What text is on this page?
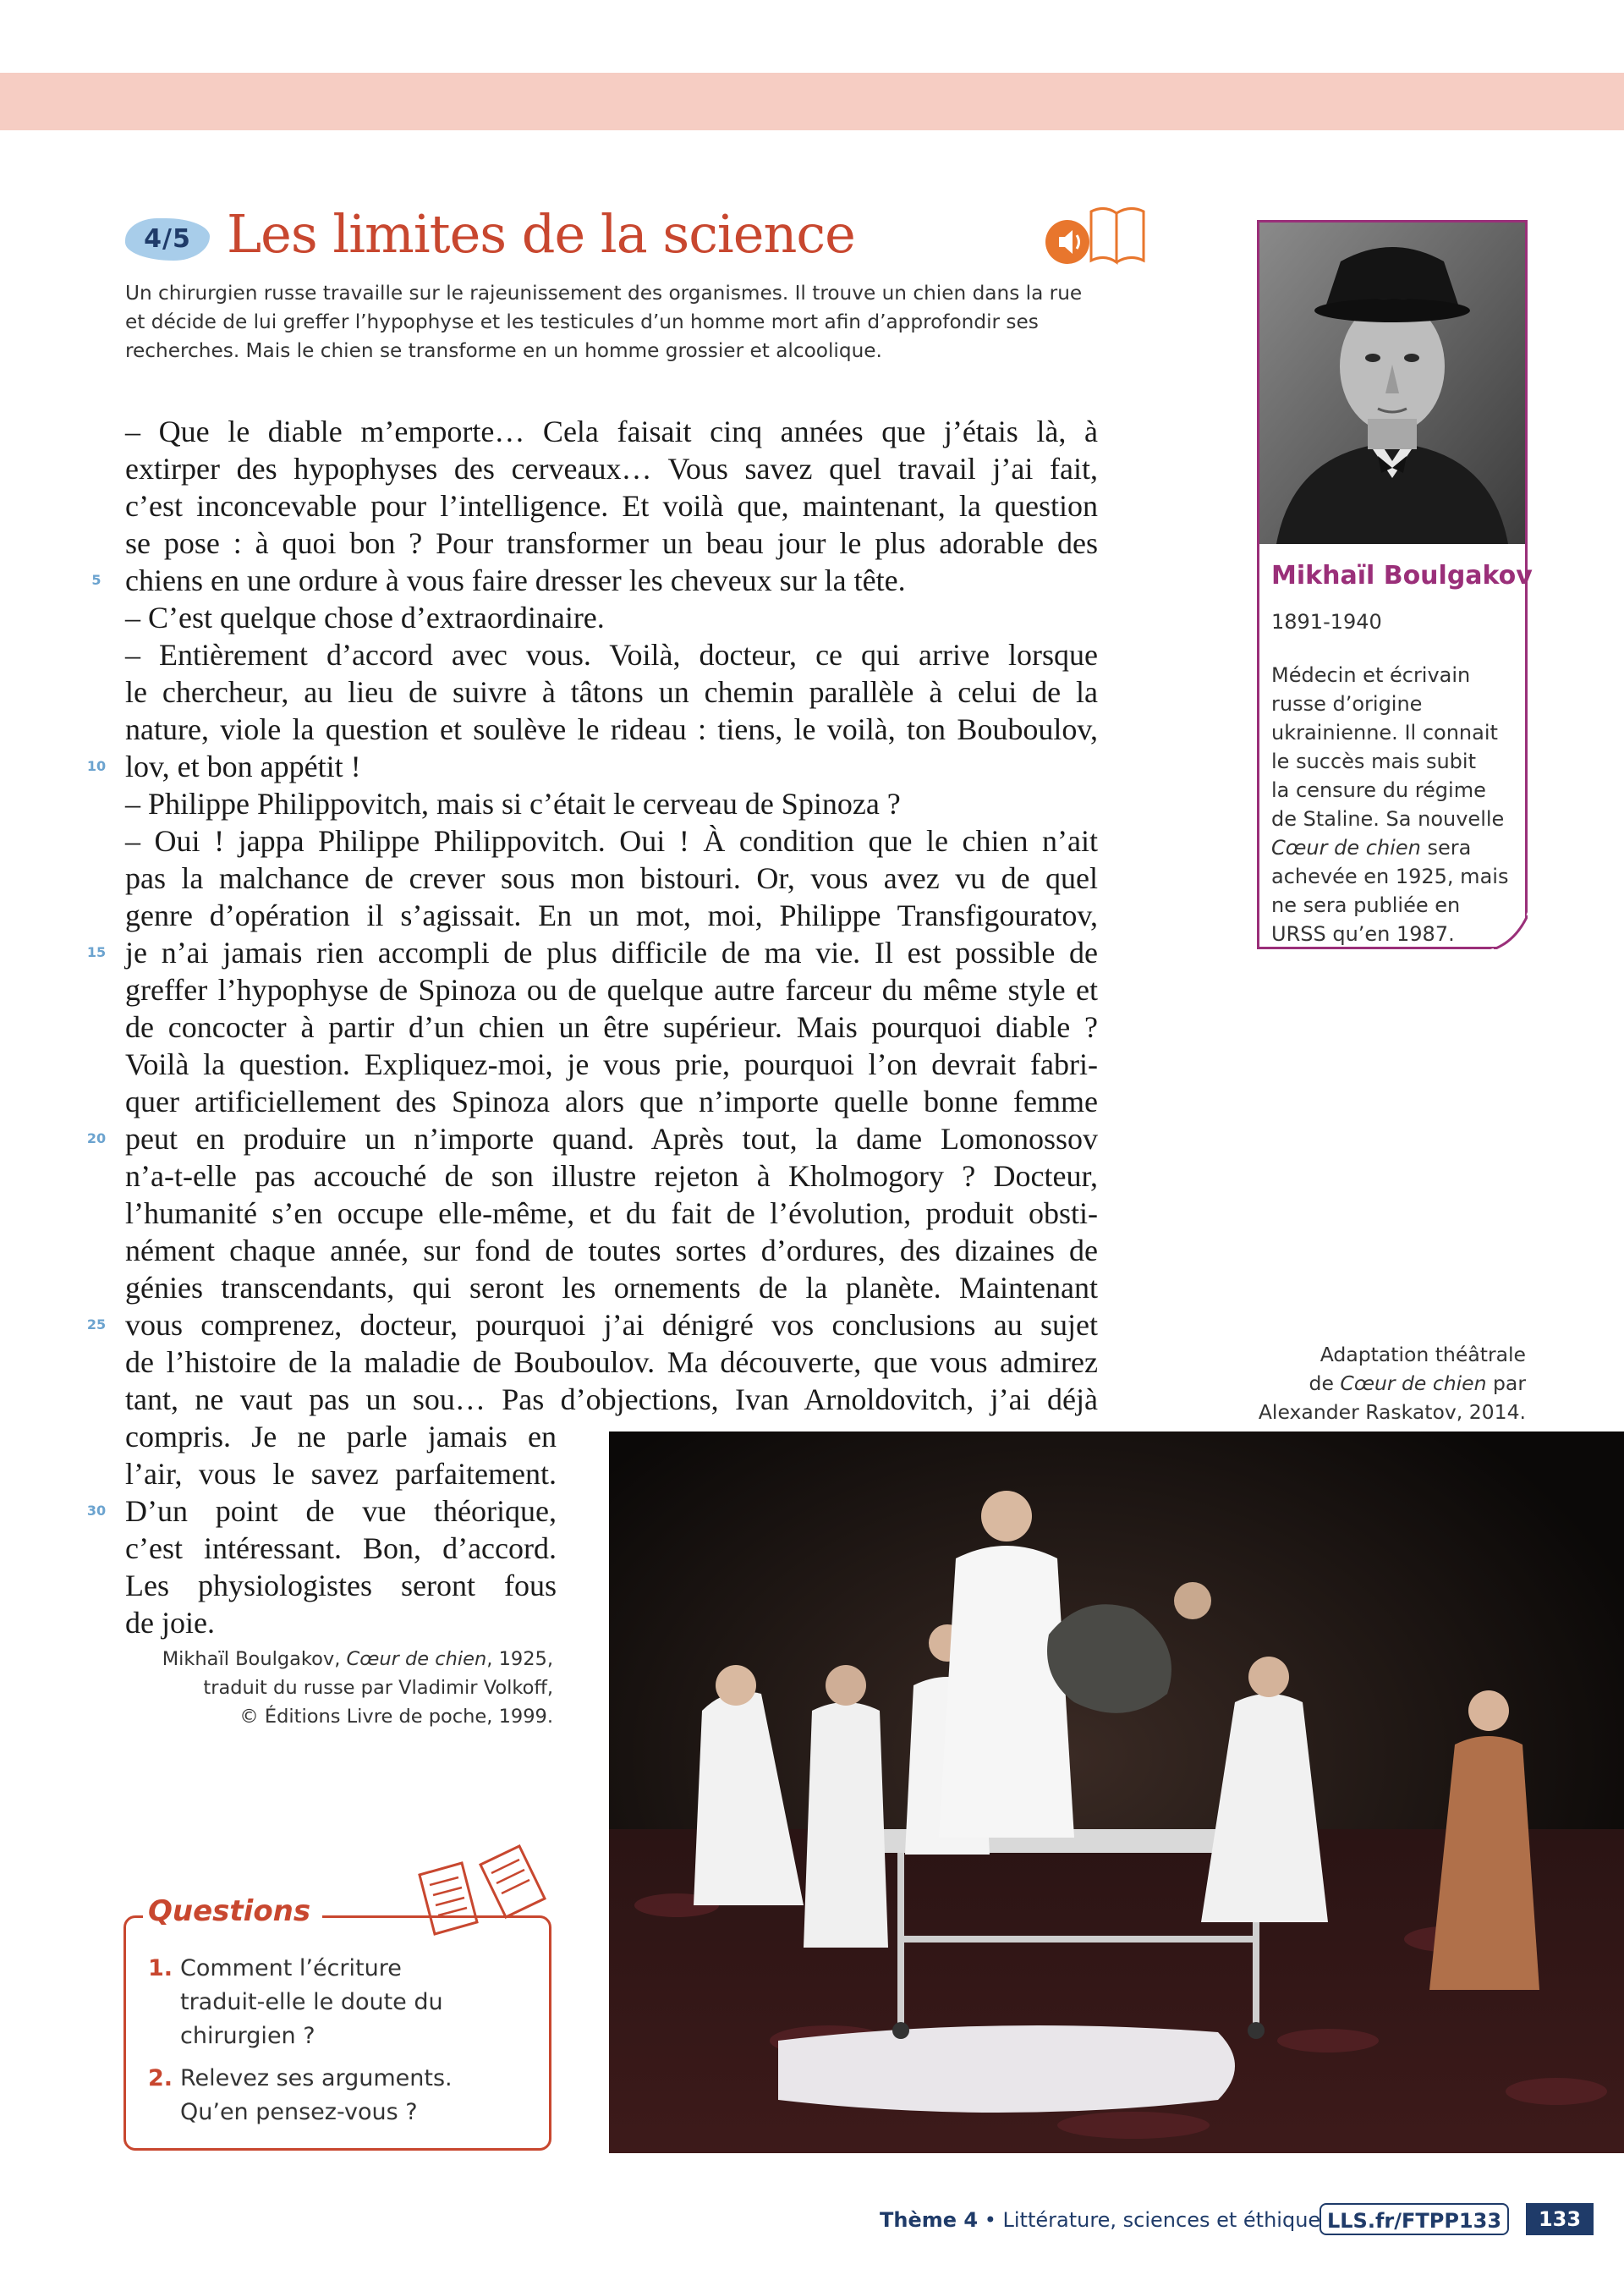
4/5 Les limites de la science

Un chirurgien russe travaille sur le rajeunissement des organismes. Il trouve un chien dans la rue et décide de lui greffer l’hypophyse et les testicules d’un homme mort afin d’approfondir ses recherches. Mais le chien se transforme en un homme grossier et alcoolique.

– Que le diable m’emporte… Cela faisait cinq années que j’étais là, à
extirper des hypophyses des cerveaux… Vous savez quel travail j’ai fait,
c’est inconcevable pour l’intelligence. Et voilà que, maintenant, la question
se pose : à quoi bon ? Pour transformer un beau jour le plus adorable des
chiens en une ordure à vous faire dresser les cheveux sur la tête.
– C’est quelque chose d’extraordinaire.
– Entièrement d’accord avec vous. Voilà, docteur, ce qui arrive lorsque
le chercheur, au lieu de suivre à tâtons un chemin parallèle à celui de la
nature, viole la question et soulève le rideau : tiens, le voilà, ton Bouboulov,
lov, et bon appétit !
– Philippe Philippovitch, mais si c’était le cerveau de Spinoza ?
– Oui ! jappa Philippe Philippovitch. Oui ! À condition que le chien n’ait
pas la malchance de crever sous mon bistouri. Or, vous avez vu de quel
genre d’opération il s’agissait. En un mot, moi, Philippe Transfigouratov,
je n’ai jamais rien accompli de plus difficile de ma vie. Il est possible de
greffer l’hypophyse de Spinoza ou de quelque autre farceur du même style et
de concocter à partir d’un chien un être supérieur. Mais pourquoi diable ?
Voilà la question. Expliquez-moi, je vous prie, pourquoi l’on devrait fabri-
quer artificiellement des Spinoza alors que n’importe quelle bonne femme
peut en produire un n’importe quand. Après tout, la dame Lomonossov
n’a-t-elle pas accouché de son illustre rejeton à Kholmogory ? Docteur,
l’humanité s’en occupe elle-même, et du fait de l’évolution, produit obsti-
nément chaque année, sur fond de toutes sortes d’ordures, des dizaines de
génies transcendants, qui seront les ornements de la planète. Maintenant
vous comprenez, docteur, pourquoi j’ai dénigré vos conclusions au sujet
de l’histoire de la maladie de Bouboulov. Ma découverte, que vous admirez
tant, ne vaut pas un sou… Pas d’objections, Ivan Arnoldovitch, j’ai déjà
compris. Je ne parle jamais en
l’air, vous le savez parfaitement.
D’un point de vue théorique,
c’est intéressant. Bon, d’accord.
Les physiologistes seront fous
de joie.
5
10
15
20
25
30
Mikhaïl Boulgakov, Cœur de chien, 1925,
traduit du russe par Vladimir Volkoff,
© Éditions Livre de poche, 1999.
Mikhaïl Boulgakov
1891-1940
Médecin et écrivain
russe d’origine
ukrainienne. Il connait
le succès mais subit
la censure du régime
de Staline. Sa nouvelle
Cœur de chien sera
achevée en 1925, mais
ne sera publiée en
URSS qu’en 1987.
Adaptation théâtrale
de Cœur de chien par
Alexander Raskatov, 2014.
Questions
1. Comment l’écriture
traduit-elle le doute du
chirurgien ?
2. Relevez ses arguments.
Qu’en pensez-vous ?
Thème 4 • Littérature, sciences et éthique LLS.fr/FTPP133	133
